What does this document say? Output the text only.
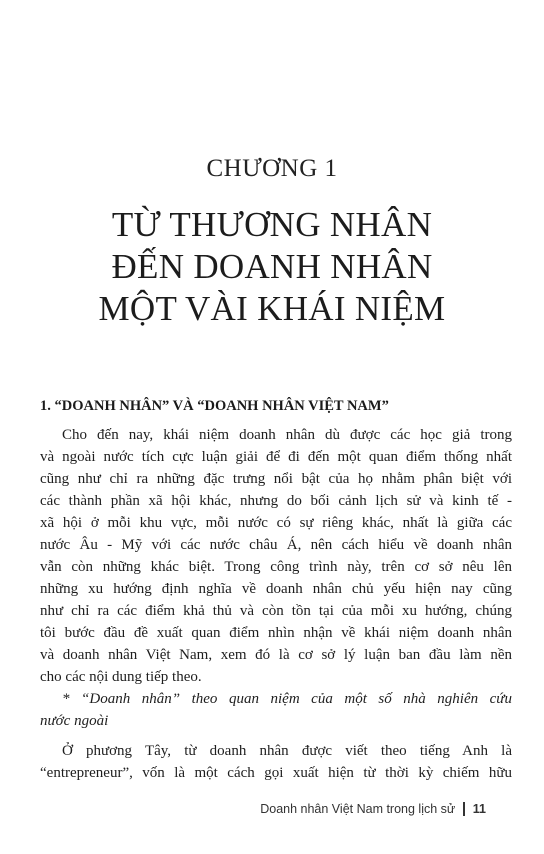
CHƯƠNG 1
TỪ THƯƠNG NHÂN
ĐẾN DOANH NHÂN
MỘT VÀI KHÁI NIỆM
1. “DOANH NHÂN” VÀ “DOANH NHÂN VIỆT NAM”
Cho đến nay, khái niệm doanh nhân dù được các học giả trong
và ngoài nước tích cực luận giải để đi đến một quan điểm thống nhất
cũng như chỉ ra những đặc trưng nổi bật của họ nhằm phân biệt với
các thành phần xã hội khác, nhưng do bối cảnh lịch sử và kinh tế -
xã hội ở mỗi khu vực, mỗi nước có sự riêng khác, nhất là giữa các
nước Âu - Mỹ với các nước châu Á, nên cách hiểu về doanh nhân
vẫn còn những khác biệt. Trong công trình này, trên cơ sở nêu lên
những xu hướng định nghĩa về doanh nhân chủ yếu hiện nay cũng
như chỉ ra các điểm khả thủ và còn tồn tại của mỗi xu hướng, chúng
tôi bước đầu đề xuất quan điểm nhìn nhận về khái niệm doanh nhân
và doanh nhân Việt Nam, xem đó là cơ sở lý luận ban đầu làm nền
cho các nội dung tiếp theo.
* “Doanh nhân” theo quan niệm của một số nhà nghiên cứu
nước ngoài
Ở phương Tây, từ doanh nhân được viết theo tiếng Anh là
“entrepreneur”, vốn là một cách gọi xuất hiện từ thời kỳ chiếm hữu
Doanh nhân Việt Nam trong lịch sử 11
